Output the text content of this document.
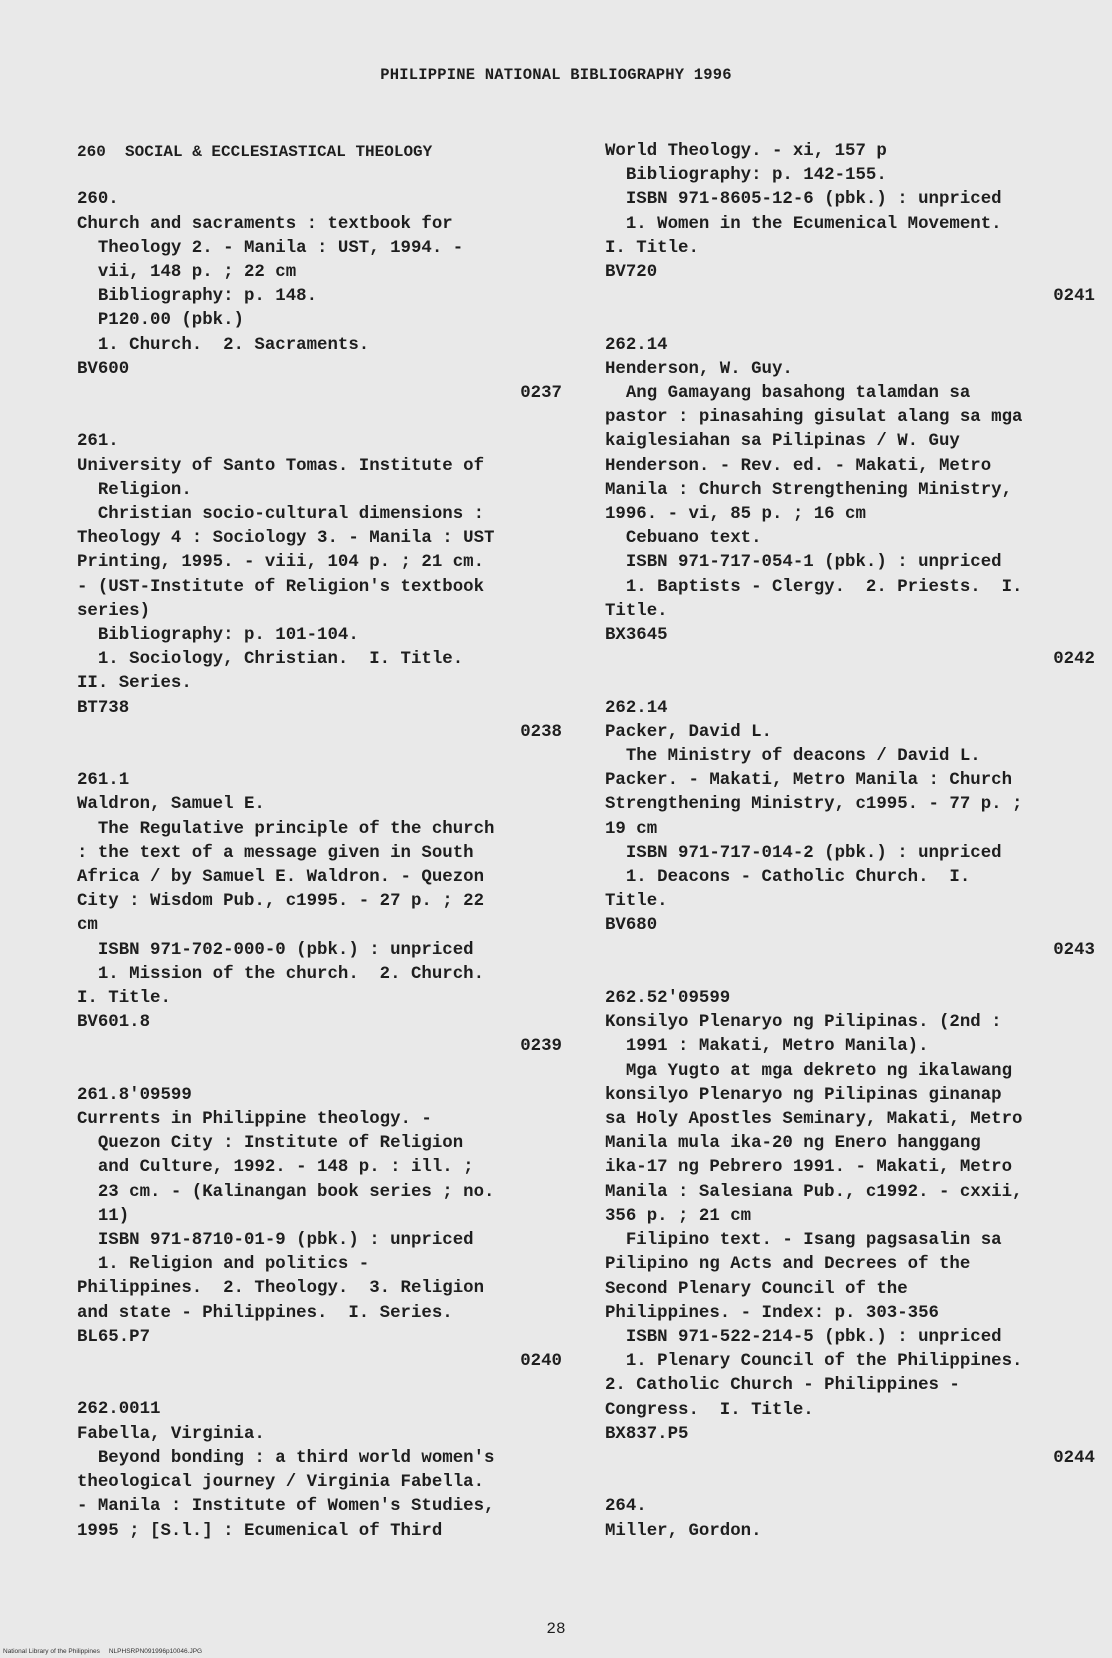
PHILIPPINE NATIONAL BIBLIOGRAPHY 1996
260  SOCIAL & ECCLESIASTICAL THEOLOGY
260.
Church and sacraments : textbook for
Theology 2. - Manila : UST, 1994. -
vii, 148 p. ; 22 cm
Bibliography: p. 148.
P120.00 (pbk.)
1. Church.  2. Sacraments.
BV600
0237
261.
University of Santo Tomas. Institute of
Religion.
Christian socio-cultural dimensions :
Theology 4 : Sociology 3. - Manila : UST
Printing, 1995. - viii, 104 p. ; 21 cm.
- (UST-Institute of Religion's textbook
series)
Bibliography: p. 101-104.
1. Sociology, Christian.  I. Title.
II. Series.
BT738
0238
261.1
Waldron, Samuel E.
The Regulative principle of the church
: the text of a message given in South
Africa / by Samuel E. Waldron. - Quezon
City : Wisdom Pub., c1995. - 27 p. ; 22
cm
ISBN 971-702-000-0 (pbk.) : unpriced
1. Mission of the church.  2. Church.
I. Title.
BV601.8
0239
261.8'09599
Currents in Philippine theology. -
Quezon City : Institute of Religion
and Culture, 1992. - 148 p. : ill. ;
23 cm. - (Kalinangan book series ; no.
11)
ISBN 971-8710-01-9 (pbk.) : unpriced
1. Religion and politics -
Philippines.  2. Theology.  3. Religion
and state - Philippines.  I. Series.
BL65.P7
0240
262.0011
Fabella, Virginia.
Beyond bonding : a third world women's
theological journey / Virginia Fabella.
- Manila : Institute of Women's Studies,
1995 ; [S.l.] : Ecumenical of Third
World Theology. - xi, 157 p
Bibliography: p. 142-155.
ISBN 971-8605-12-6 (pbk.) : unpriced
1. Women in the Ecumenical Movement.
I. Title.
BV720
0241
262.14
Henderson, W. Guy.
Ang Gamayang basahong talamdan sa
pastor : pinasahing gisulat alang sa mga
kaiglesiahan sa Pilipinas / W. Guy
Henderson. - Rev. ed. - Makati, Metro
Manila : Church Strengthening Ministry,
1996. - vi, 85 p. ; 16 cm
Cebuano text.
ISBN 971-717-054-1 (pbk.) : unpriced
1. Baptists - Clergy.  2. Priests.  I.
Title.
BX3645
0242
262.14
Packer, David L.
The Ministry of deacons / David L.
Packer. - Makati, Metro Manila : Church
Strengthening Ministry, c1995. - 77 p. ;
19 cm
ISBN 971-717-014-2 (pbk.) : unpriced
1. Deacons - Catholic Church.  I.
Title.
BV680
0243
262.52'09599
Konsilyo Plenaryo ng Pilipinas. (2nd :
1991 : Makati, Metro Manila).
Mga Yugto at mga dekreto ng ikalawang
konsilyo Plenaryo ng Pilipinas ginanap
sa Holy Apostles Seminary, Makati, Metro
Manila mula ika-20 ng Enero hanggang
ika-17 ng Pebrero 1991. - Makati, Metro
Manila : Salesiana Pub., c1992. - cxxii,
356 p. ; 21 cm
Filipino text. - Isang pagsasalin sa
Pilipino ng Acts and Decrees of the
Second Plenary Council of the
Philippines. - Index: p. 303-356
ISBN 971-522-214-5 (pbk.) : unpriced
1. Plenary Council of the Philippines.
2. Catholic Church - Philippines -
Congress.  I. Title.
BX837.P5
0244
264.
Miller, Gordon.
28
National Library of the Philippines     NLPHSRPN091996p10046.JPG
